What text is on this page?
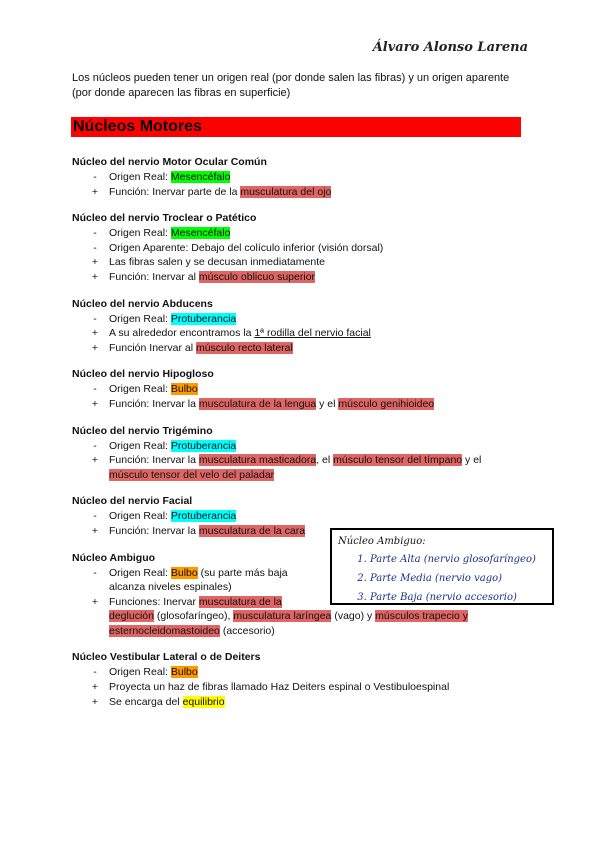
Álvaro Alonso Larena
Los núcleos pueden tener un origen real (por donde salen las fibras) y un origen aparente
(por donde aparecen las fibras en superficie)
Núcleos Motores
Núcleo del nervio Motor Ocular Común
-	Origen Real: Mesencéfalo
+ Función: Inervar parte de la musculatura del ojo
Núcleo del nervio Troclear o Patético
-	Origen Real: Mesencéfalo
-	Origen Aparente: Debajo del colículo inferior (visión dorsal)
+ Las fibras salen y se decusan inmediatamente
+ Función: Inervar al músculo oblicuo superior
Núcleo del nervio Abducens
-	Origen Real: Protuberancia
+ A su alrededor encontramos la 1ª rodilla del nervio facial
+ Función Inervar al músculo recto lateral
Núcleo del nervio Hipogloso
-	Origen Real: Bulbo
+ Función: Inervar la musculatura de la lengua y el músculo genihioideo
Núcleo del nervio Trigémino
-	Origen Real: Protuberancia
+ Función: Inervar la musculatura masticadora, el músculo tensor del tímpano y el
músculo tensor del velo del paladar
Núcleo del nervio Facial
-	Origen Real: Protuberancia
+ Función: Inervar la musculatura de la cara
Núcleo Ambiguo
-	Origen Real: Bulbo (su parte más baja
alcanza niveles espinales)
+ Funciones: Inervar musculatura de la
deglución (glosofaríngeo), musculatura laríngea (vago) y músculos trapecio y
esternocleidomastoideo (accesorio)
Núcleo Vestibular Lateral o de Deiters
-	Origen Real: Bulbo
+ Proyecta un haz de fibras llamado Haz Deiters espinal o Vestibuloespinal
+ Se encarga del equilibrio
Núcleo Ambiguo:
1. Parte Alta (nervio glosofaríngeo)
2. Parte Media (nervio vago)
3. Parte Baja (nervio accesorio)
